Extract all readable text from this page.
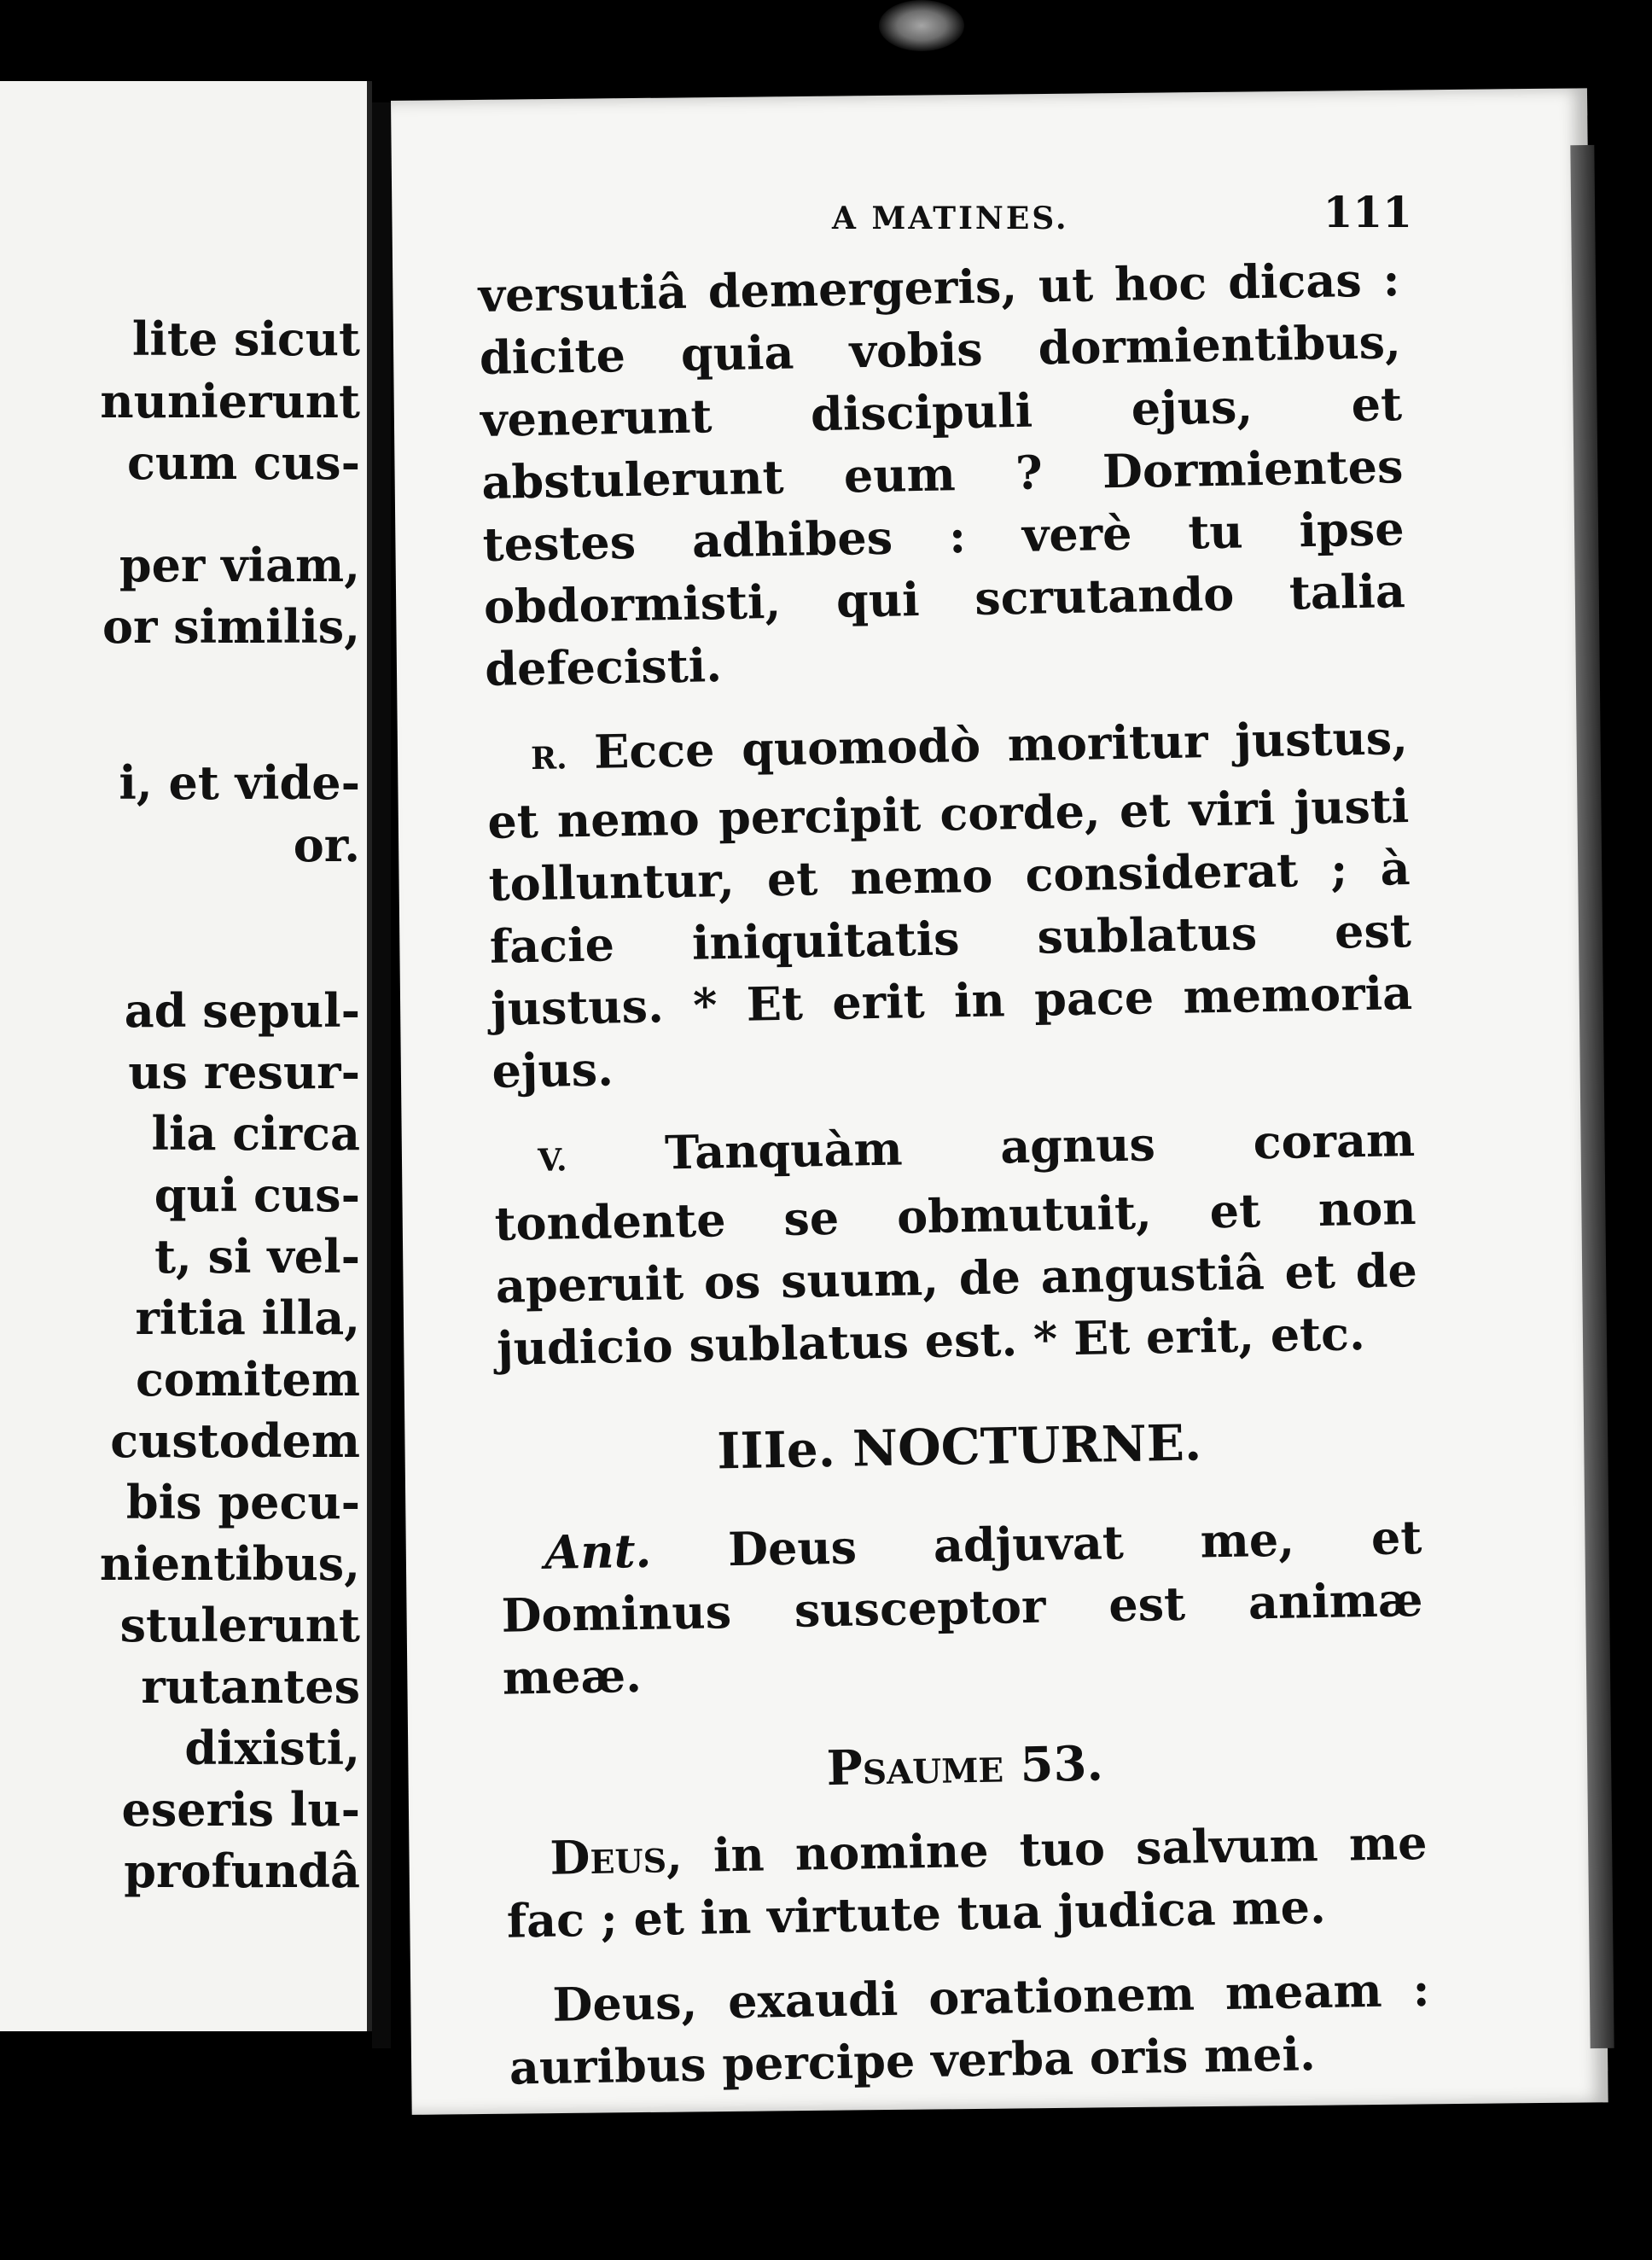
lite sicut
nunierunt
cum cus-
per viam,
or similis,
i, et vide-
or.
ad sepul-
us resur-
lia circa
qui cus-
t, si vel-
ritia illa,
comitem
custodem
bis pecu-
nientibus,
stulerunt
rutantes
dixisti,
eseris lu-
profundâ
A MATINES.	111

versutiâ demergeris, ut hoc dicas : dicite quia vobis dormientibus, venerunt discipuli ejus, et abstulerunt eum ? Dormientes testes adhibes : verè tu ipse obdormisti, qui scrutando talia defecisti.

R. Ecce quomodò moritur justus, et nemo percipit corde, et viri justi tolluntur, et nemo considerat ; à facie iniquitatis sublatus est justus. * Et erit in pace memoria ejus.

V. Tanquàm agnus coram tondente se obmutuit, et non aperuit os suum, de angustiâ et de judicio sublatus est. * Et erit, etc.

IIIe. NOCTURNE.

Ant. Deus adjuvat me, et Dominus susceptor est animæ meæ.

Psaume 53.

Deus, in nomine tuo salvum me fac ; et in virtute tua judica me.

Deus, exaudi orationem meam : auribus percipe verba oris mei.
